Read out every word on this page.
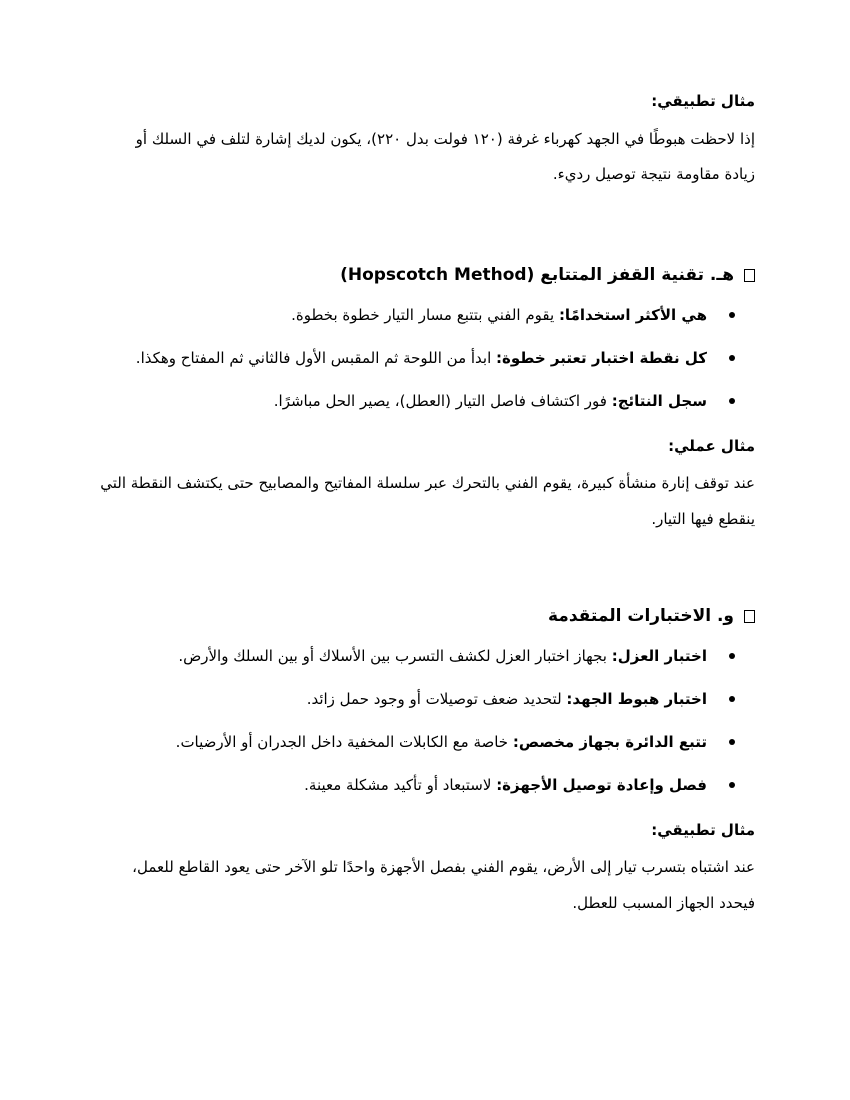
مثال تطبيقي:

إذا لاحظت هبوطًا في الجهد كهرباء غرفة (١٢٠ فولت بدل ٢٢٠)، يكون لديك إشارة لتلف في السلك أو

زيادة مقاومة نتيجة توصيل رديء.

هـ. تقنية القفز المتتابع (Hopscotch Method)
هي الأكثر استخدامًا: يقوم الفني بتتبع مسار التيار خطوة بخطوة.
كل نقطة اختبار تعتبر خطوة: ابدأ من اللوحة ثم المقبس الأول فالثاني ثم المفتاح وهكذا.
سجل النتائج: فور اكتشاف فاصل التيار (العطل)، يصير الحل مباشرًا.

مثال عملي:

عند توقف إنارة منشأة كبيرة، يقوم الفني بالتحرك عبر سلسلة المفاتيح والمصابيح حتى يكتشف النقطة التي

ينقطع فيها التيار.

و. الاختبارات المتقدمة
اختبار العزل: بجهاز اختبار العزل لكشف التسرب بين الأسلاك أو بين السلك والأرض.
اختبار هبوط الجهد: لتحديد ضعف توصيلات أو وجود حمل زائد.
تتبع الدائرة بجهاز مخصص: خاصة مع الكابلات المخفية داخل الجدران أو الأرضيات.
فصل وإعادة توصيل الأجهزة: لاستبعاد أو تأكيد مشكلة معينة.

مثال تطبيقي:

عند اشتباه بتسرب تيار إلى الأرض، يقوم الفني بفصل الأجهزة واحدًا تلو الآخر حتى يعود القاطع للعمل،

فيحدد الجهاز المسبب للعطل.
